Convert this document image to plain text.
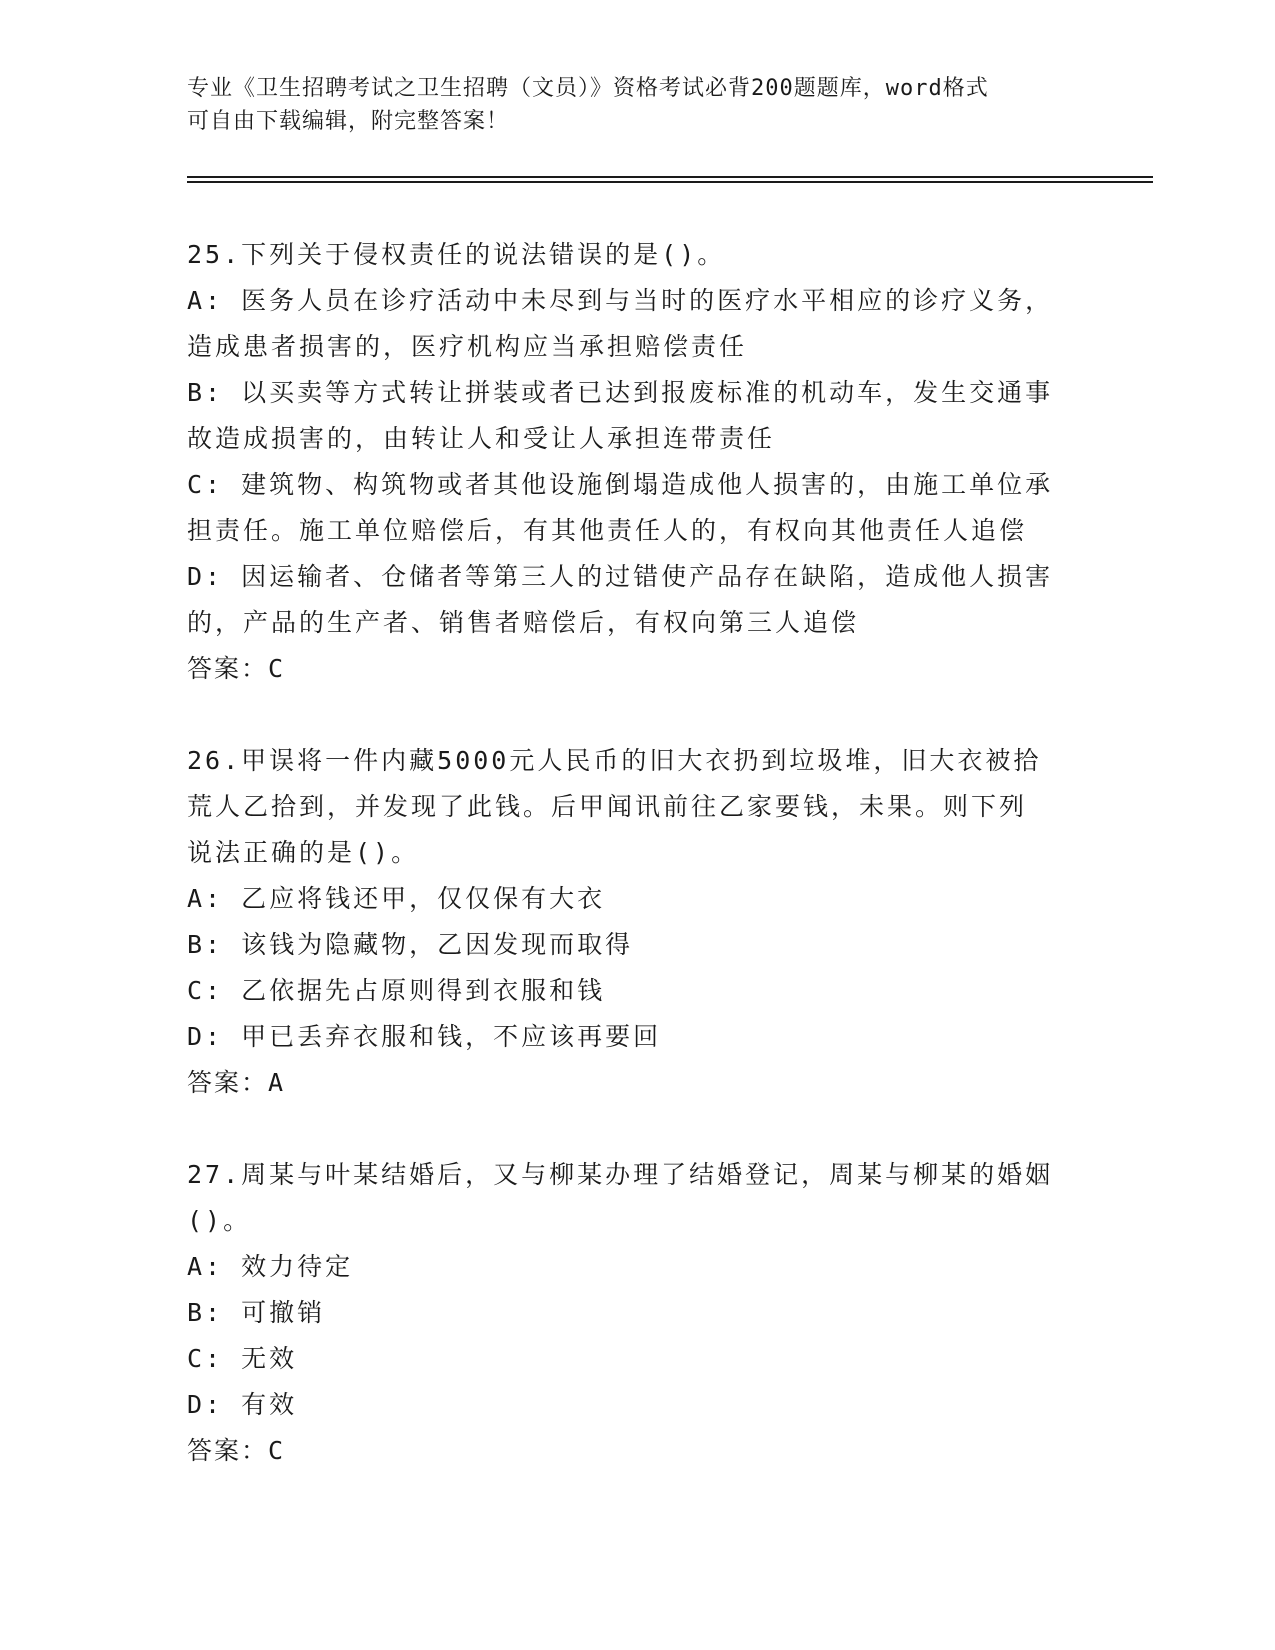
专业《卫生招聘考试之卫生招聘（文员）》资格考试必背200题题库，word格式
可自由下载编辑，附完整答案！

25.下列关于侵权责任的说法错误的是()。

A: 医务人员在诊疗活动中未尽到与当时的医疗水平相应的诊疗义务，

造成患者损害的，医疗机构应当承担赔偿责任

B: 以买卖等方式转让拼装或者已达到报废标准的机动车，发生交通事

故造成损害的，由转让人和受让人承担连带责任

C: 建筑物、构筑物或者其他设施倒塌造成他人损害的，由施工单位承

担责任。施工单位赔偿后，有其他责任人的，有权向其他责任人追偿

D: 因运输者、仓储者等第三人的过错使产品存在缺陷，造成他人损害

的，产品的生产者、销售者赔偿后，有权向第三人追偿

答案：C

26.甲误将一件内藏5000元人民币的旧大衣扔到垃圾堆，旧大衣被拾

荒人乙拾到，并发现了此钱。后甲闻讯前往乙家要钱，未果。则下列

说法正确的是()。

A: 乙应将钱还甲，仅仅保有大衣

B: 该钱为隐藏物，乙因发现而取得

C: 乙依据先占原则得到衣服和钱

D: 甲已丢弃衣服和钱，不应该再要回

答案：A

27.周某与叶某结婚后，又与柳某办理了结婚登记，周某与柳某的婚姻

()。

A: 效力待定

B: 可撤销

C: 无效

D: 有效

答案：C
